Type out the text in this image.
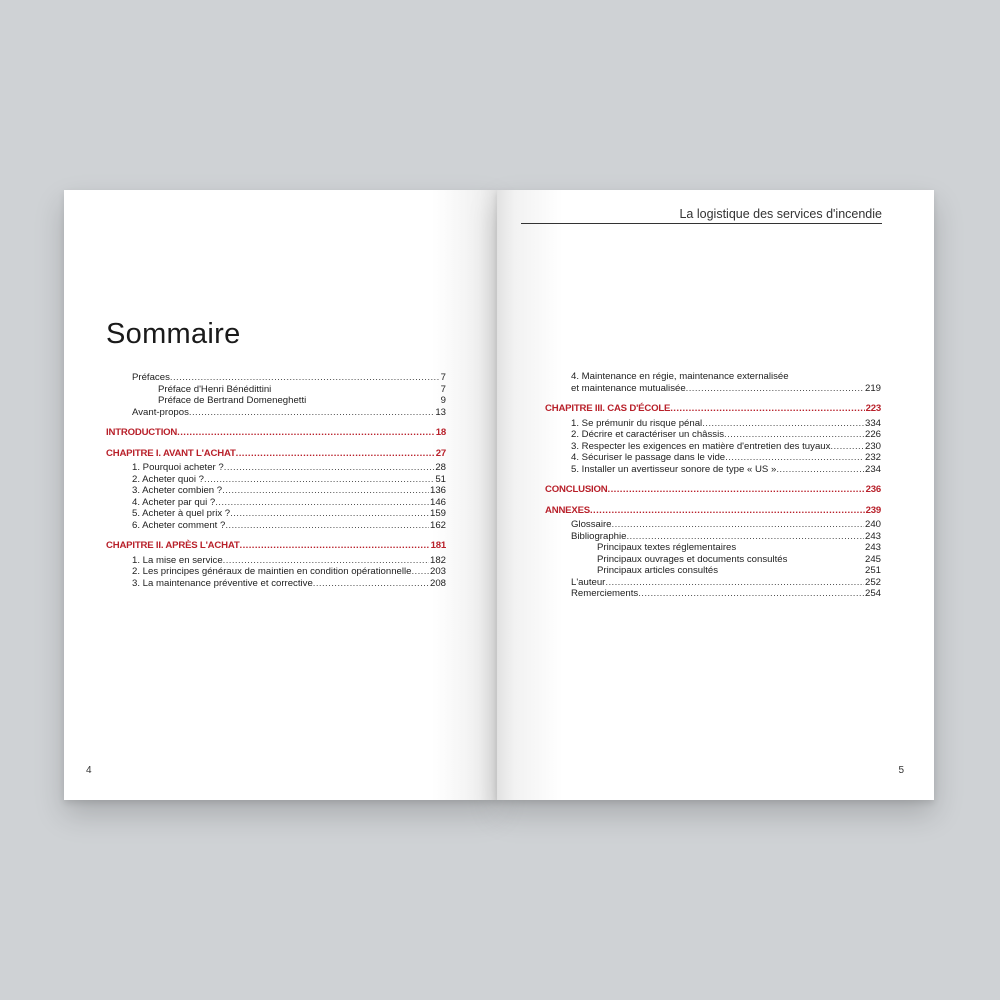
Sommaire
Préfaces .....	7
Préface d'Henri Bénédittini	7
Préface de Bertrand Domeneghetti	9
Avant-propos .....	13
INTRODUCTION .....	18
CHAPITRE I. AVANT L'ACHAT .....	27
1. Pourquoi acheter ? .....	28
2. Acheter quoi ? .....	51
3. Acheter combien ? .....	136
4. Acheter par qui ? .....	146
5. Acheter à quel prix ? .....	159
6. Acheter comment ? .....	162
CHAPITRE II. APRÈS L'ACHAT .....	181
1. La mise en service .....	182
2. Les principes généraux de maintien en condition opérationnelle ..... 203
3. La maintenance préventive et corrective .....	208
4
La logistique des services d'incendie
4. Maintenance en régie, maintenance externalisée
et maintenance mutualisée .....	219
CHAPITRE III. CAS D'ÉCOLE .....	223
1. Se prémunir du risque pénal .....	334
2. Décrire et caractériser un châssis .....	226
3. Respecter les exigences en matière d'entretien des tuyaux .....	230
4. Sécuriser le passage dans le vide .....	232
5. Installer un avertisseur sonore de type « US » .....	234
CONCLUSION .....	236
ANNEXES .....	239
Glossaire .....	240
Bibliographie .....	243
Principaux textes réglementaires	243
Principaux ouvrages et documents consultés	245
Principaux articles consultés	251
L'auteur .....	252
Remerciements .....	254
5
